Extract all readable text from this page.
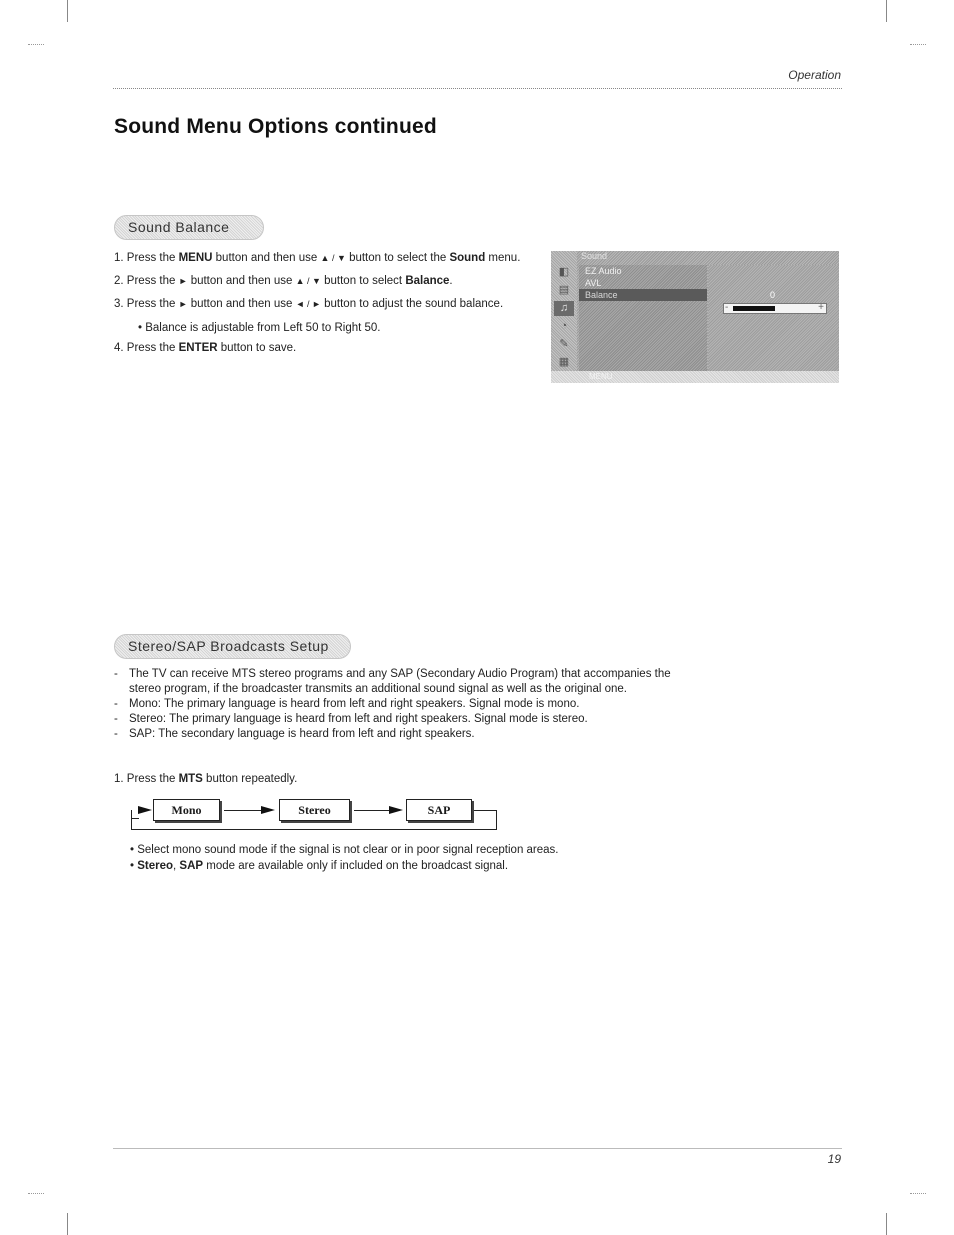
Operation
Sound Menu Options continued
Sound Balance
1. Press the MENU button and then use ▲ / ▼ button to select the Sound menu.
2. Press the ► button and then use ▲ / ▼ button to select Balance.
3. Press the ► button and then use ◄ / ► button to adjust the sound balance.
• Balance is adjustable from Left 50 to Right 50.
4. Press the ENTER button to save.
◧
▤
♫
◔
✎
▦
Sound
EZ Audio
AVL
Balance	0
-	+
MENU
Stereo/SAP Broadcasts Setup
- The TV can receive MTS stereo programs and any SAP (Secondary Audio Program) that accompanies the
stereo program, if the broadcaster transmits an additional sound signal as well as the original one.
- Mono: The primary language is heard from left and right speakers. Signal mode is mono.
- Stereo: The primary language is heard from left and right speakers. Signal mode is stereo.
- SAP: The secondary language is heard from left and right speakers.
1. Press the MTS button repeatedly.
Mono	Stereo	SAP
• Select mono sound mode if the signal is not clear or in poor signal reception areas.
• Stereo, SAP mode are available only if included on the broadcast signal.
19
